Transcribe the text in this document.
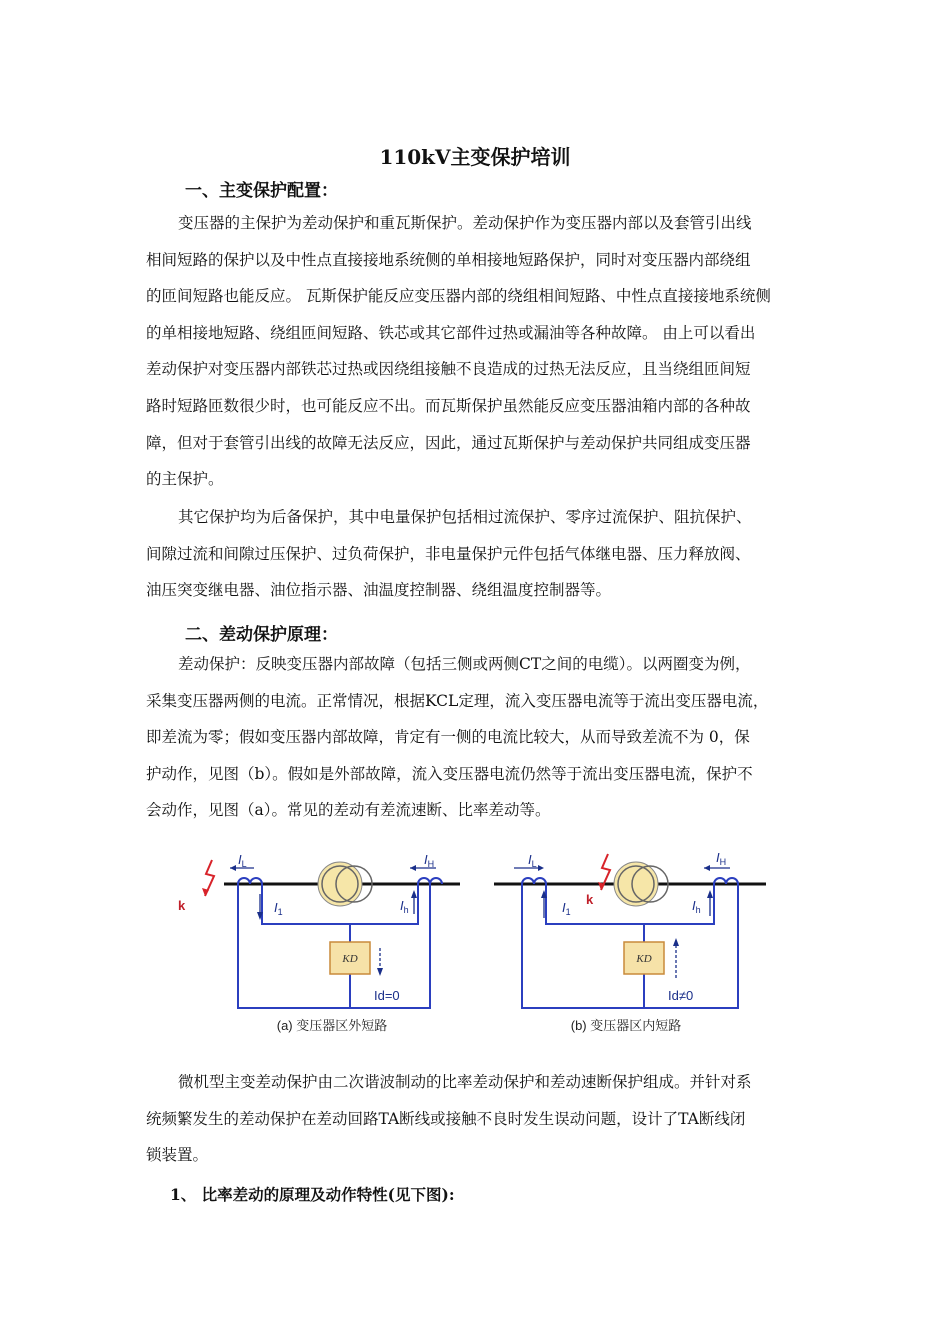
110kV主变保护培训
一、主变保护配置：
变压器的主保护为差动保护和重瓦斯保护。差动保护作为变压器内部以及套管引出线
相间短路的保护以及中性点直接接地系统侧的单相接地短路保护，同时对变压器内部绕组
的匝间短路也能反应。 瓦斯保护能反应变压器内部的绕组相间短路、中性点直接接地系统侧
的单相接地短路、绕组匝间短路、铁芯或其它部件过热或漏油等各种故障。 由上可以看出
差动保护对变压器内部铁芯过热或因绕组接触不良造成的过热无法反应，且当绕组匝间短
路时短路匝数很少时，也可能反应不出。而瓦斯保护虽然能反应变压器油箱内部的各种故
障，但对于套管引出线的故障无法反应，因此，通过瓦斯保护与差动保护共同组成变压器
的主保护。
其它保护均为后备保护，其中电量保护包括相过流保护、零序过流保护、阻抗保护、
间隙过流和间隙过压保护、过负荷保护，非电量保护元件包括气体继电器、压力释放阀、
油压突变继电器、油位指示器、油温度控制器、绕组温度控制器等。
二、差动保护原理：
差动保护：反映变压器内部故障（包括三侧或两侧CT之间的电缆）。以两圈变为例，
采集变压器两侧的电流。正常情况，根据KCL定理，流入变压器电流等于流出变压器电流，
即差流为零；假如变压器内部故障，肯定有一侧的电流比较大，从而导致差流不为 0，保
护动作，见图（b）。假如是外部故障，流入变压器电流仍然等于流出变压器电流，保护不
会动作，见图（a）。常见的差动有差流速断、比率差动等。
k
$I_L$	$I_H$
$I_1$	$I_h$
KD
Id=0
(a) 变压器区外短路
k
$I_L$	$I_H$
$I_1$	$I_h$
KD
Id≠0
(b) 变压器区内短路
微机型主变差动保护由二次谐波制动的比率差动保护和差动速断保护组成。并针对系
统频繁发生的差动保护在差动回路TA断线或接触不良时发生误动问题，设计了TA断线闭
锁装置。
1、 比率差动的原理及动作特性(见下图):
